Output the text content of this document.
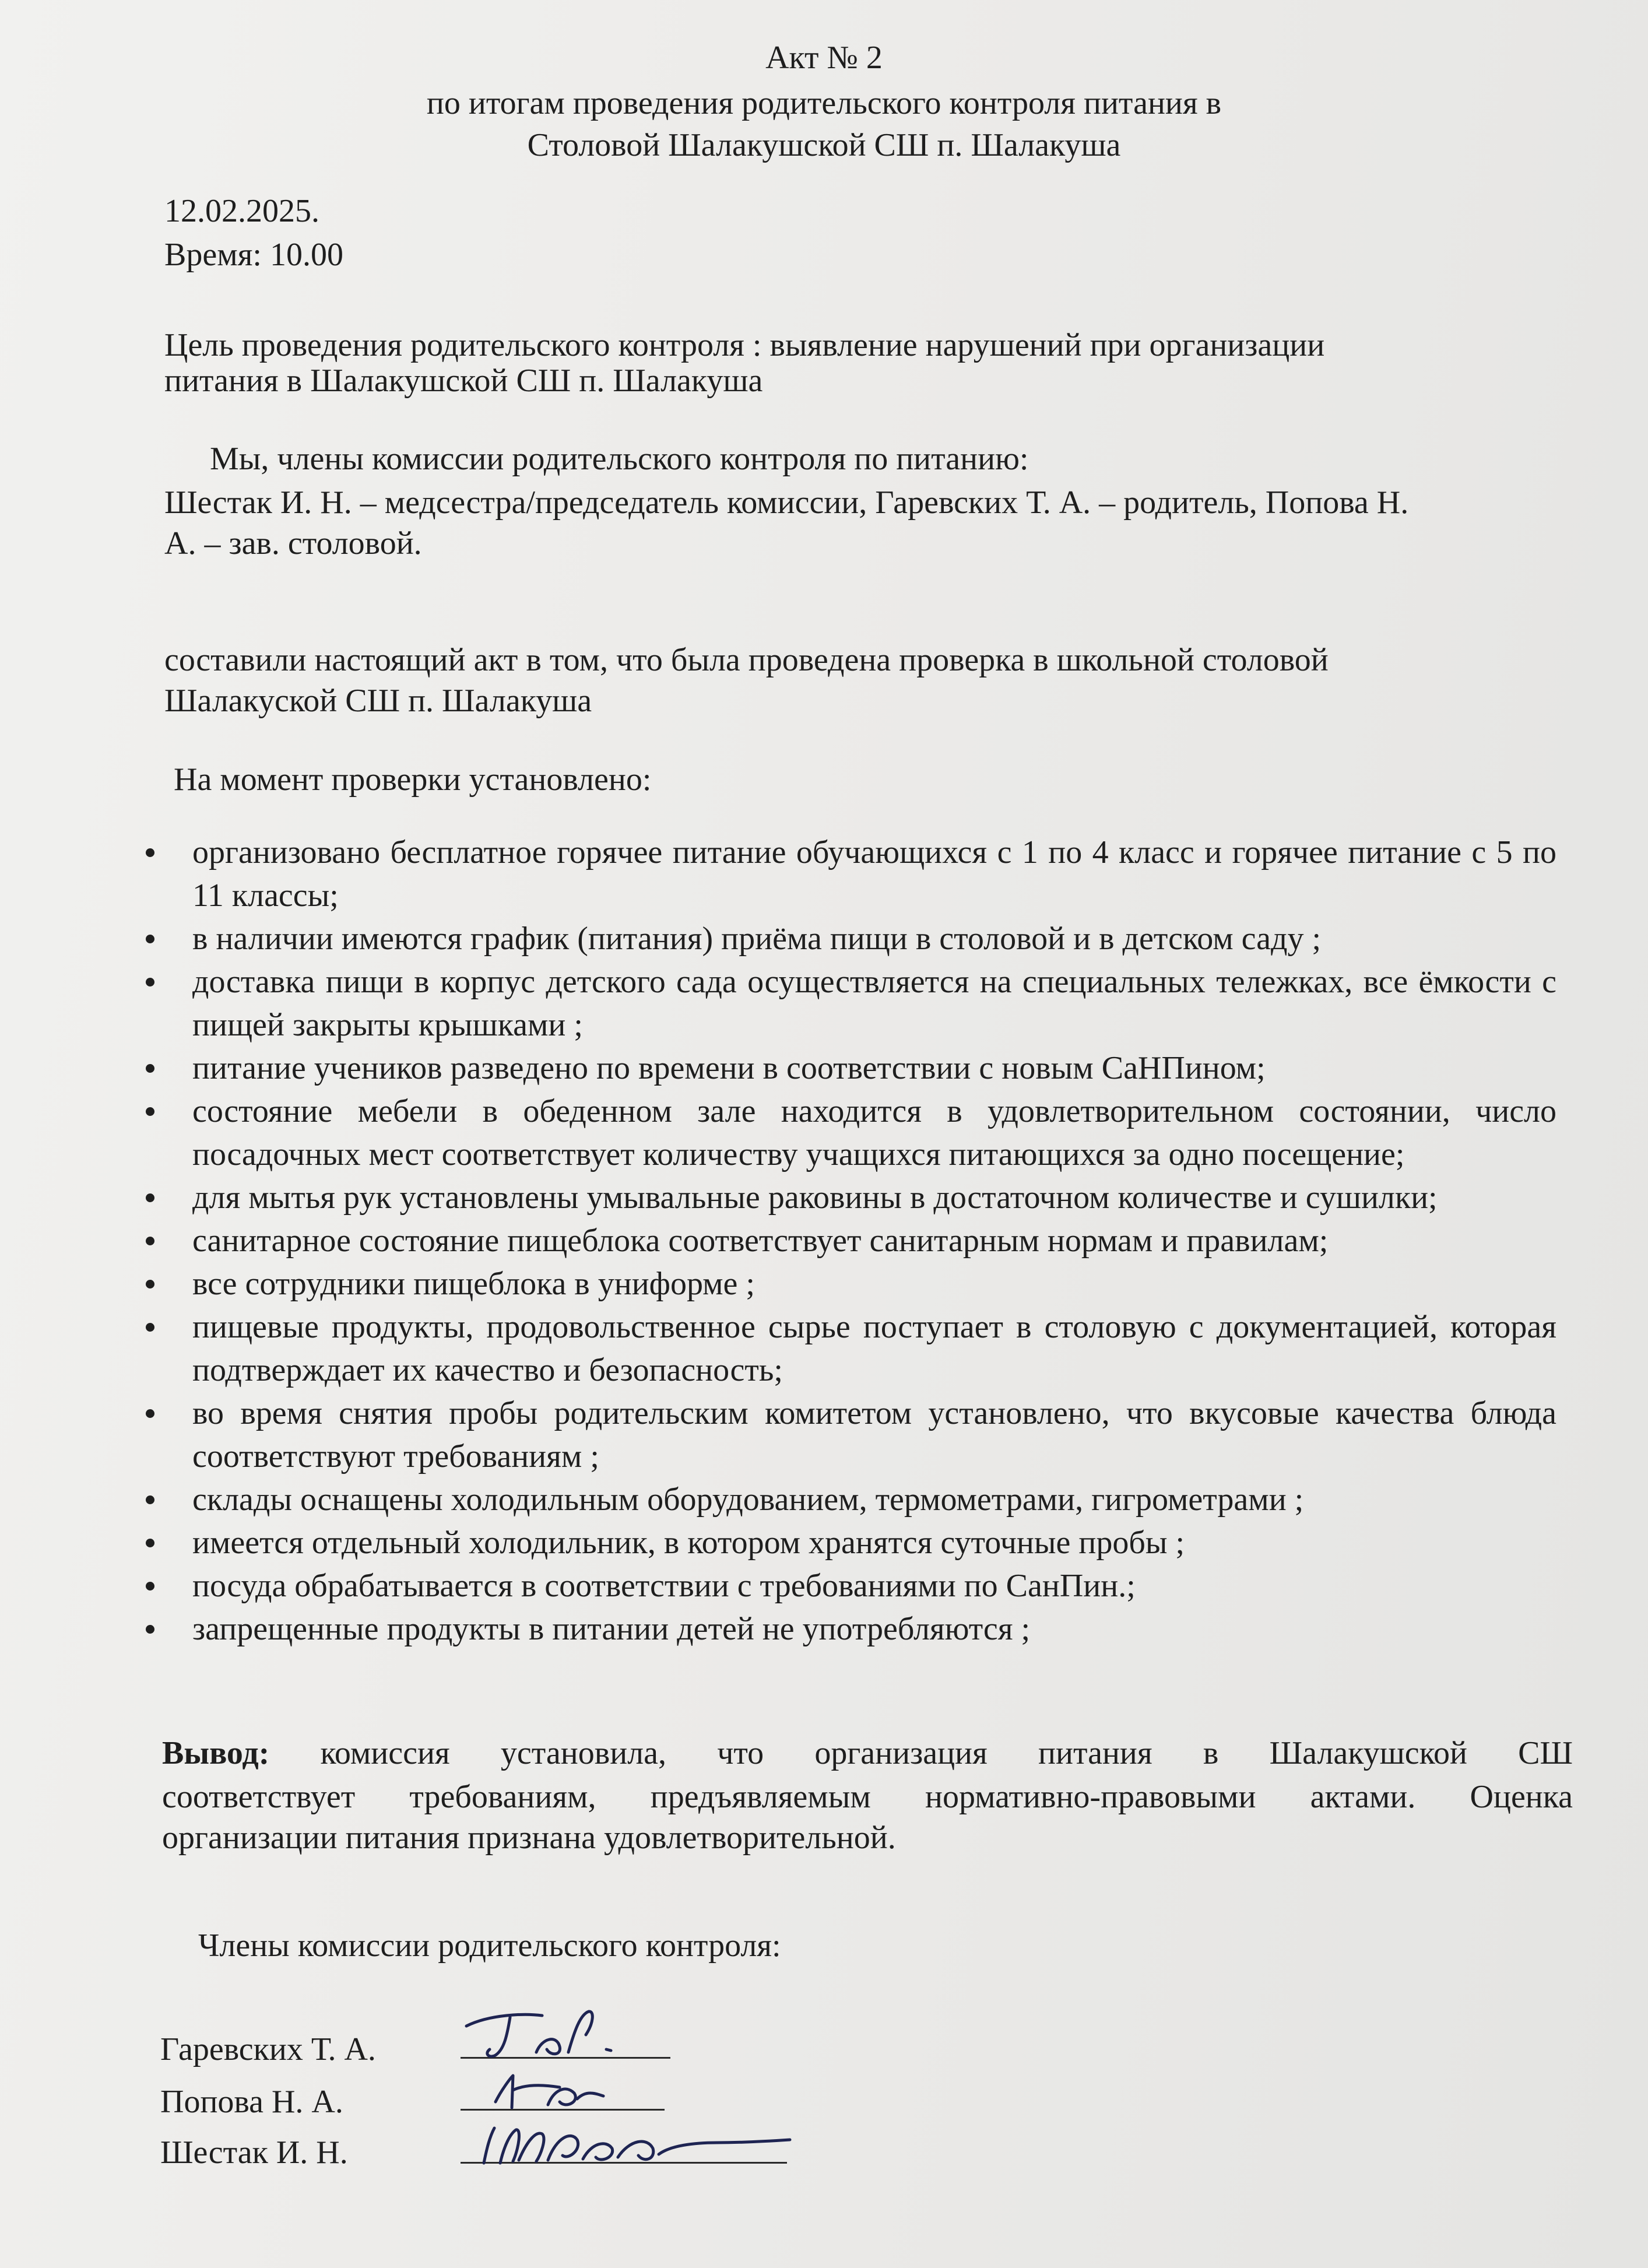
Акт № 2

по итогам проведения родительского контроля питания в

Столовой Шалакушской СШ п. Шалакуша

12.02.2025.

Время: 10.00

Цель проведения родительского контроля : выявление нарушений при организации

питания в Шалакушской СШ п. Шалакуша

Мы, члены комиссии родительского контроля по питанию:

Шестак И. Н. – медсестра/председатель комиссии, Гаревских Т. А. – родитель, Попова Н.

А. – зав. столовой.

составили настоящий акт в том, что была проведена проверка в школьной столовой

Шалакуской СШ п. Шалакуша

На момент проверки установлено:

организовано бесплатное горячее питание обучающихся с 1 по 4 класс и горячее питание с 5 по 11 классы;
в наличии имеются график (питания) приёма пищи в столовой и в детском саду ;
доставка пищи в корпус детского сада осуществляется на специальных тележках, все ёмкости с пищей закрыты крышками ;
питание учеников разведено по времени в соответствии с новым СаНПином;
состояние мебели в обеденном зале находится в удовлетворительном состоянии, число посадочных мест соответствует количеству учащихся питающихся за одно посещение;
для мытья рук установлены умывальные раковины в достаточном количестве и сушилки;
санитарное состояние пищеблока соответствует санитарным нормам и правилам;
все сотрудники пищеблока в униформе ;
пищевые продукты, продовольственное сырье поступает в столовую с документацией, которая подтверждает их качество и безопасность;
во время снятия пробы родительским комитетом установлено, что вкусовые качества блюда соответствуют требованиям ;
склады оснащены холодильным оборудованием, термометрами, гигрометрами ;
имеется отдельный холодильник, в котором хранятся суточные пробы ;
посуда обрабатывается в соответствии с требованиями по СанПин.;
запрещенные продукты в питании детей не употребляются ;

Вывод: комиссия установила, что организация питания в Шалакушской СШ

соответствует требованиям, предъявляемым нормативно-правовыми актами. Оценка

организации питания признана удовлетворительной.

Члены комиссии родительского контроля:

Гаревских Т. А.
Попова Н. А.
Шестак И. Н.
